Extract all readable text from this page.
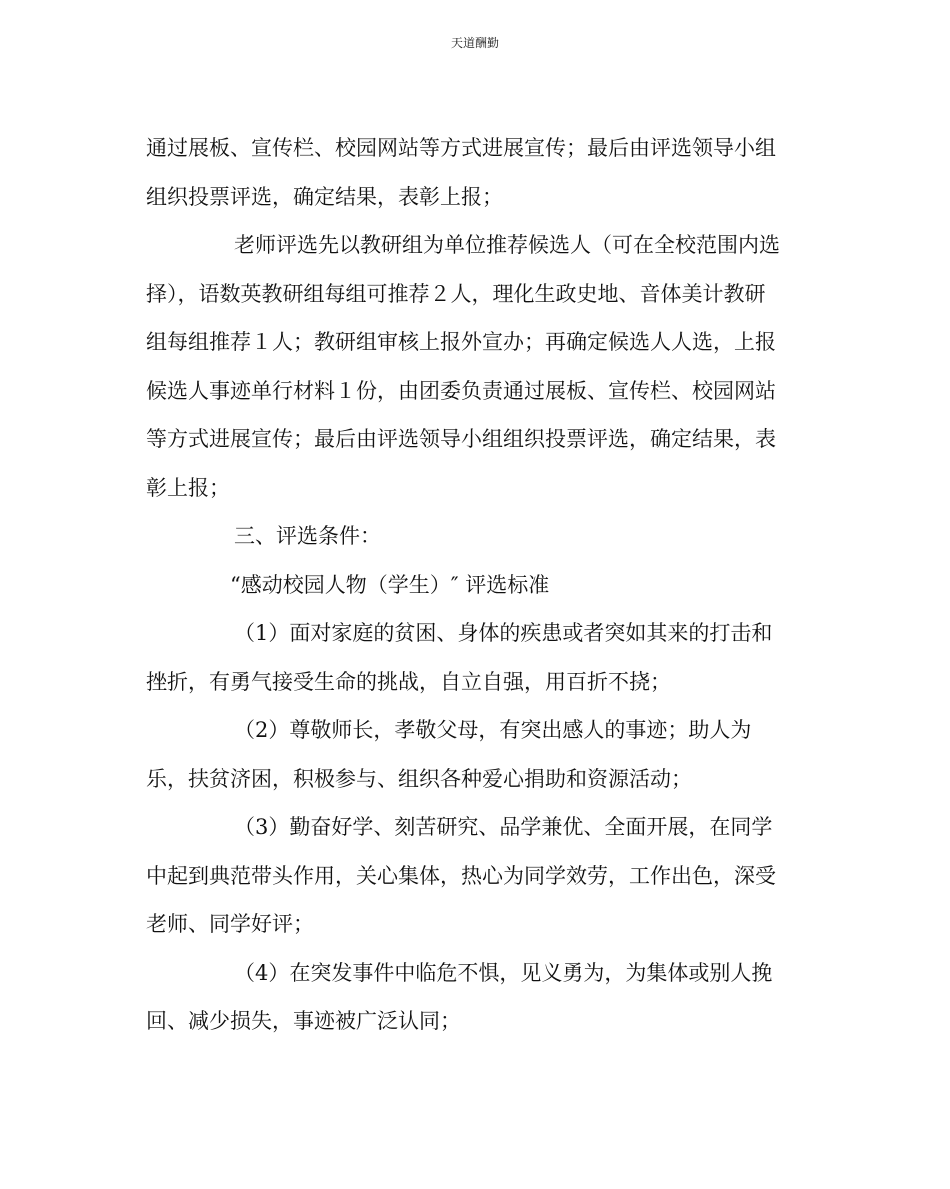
天道酬勤
通过展板、宣传栏、校园网站等方式进展宣传；最后由评选领导小组
组织投票评选，确定结果，表彰上报；
老师评选先以教研组为单位推荐候选人（可在全校范围内选
择），语数英教研组每组可推荐２人，理化生政史地、音体美计教研
组每组推荐１人；教研组审核上报外宣办；再确定候选人人选，上报
候选人事迹单行材料１份，由团委负责通过展板、宣传栏、校园网站
等方式进展宣传；最后由评选领导小组组织投票评选，确定结果，表
彰上报；
三、评选条件：
“感动校园人物（学生）″ 评选标准
（1）面对家庭的贫困、身体的疾患或者突如其来的打击和
挫折，有勇气接受生命的挑战，自立自强，用百折不挠；
（2）尊敬师长，孝敬父母，有突出感人的事迹；助人为
乐，扶贫济困，积极参与、组织各种爱心捐助和资源活动；
（3）勤奋好学、刻苦研究、品学兼优、全面开展，在同学
中起到典范带头作用，关心集体，热心为同学效劳，工作出色，深受
老师、同学好评；
（4）在突发事件中临危不惧，见义勇为，为集体或别人挽
回、减少损失，事迹被广泛认同；
